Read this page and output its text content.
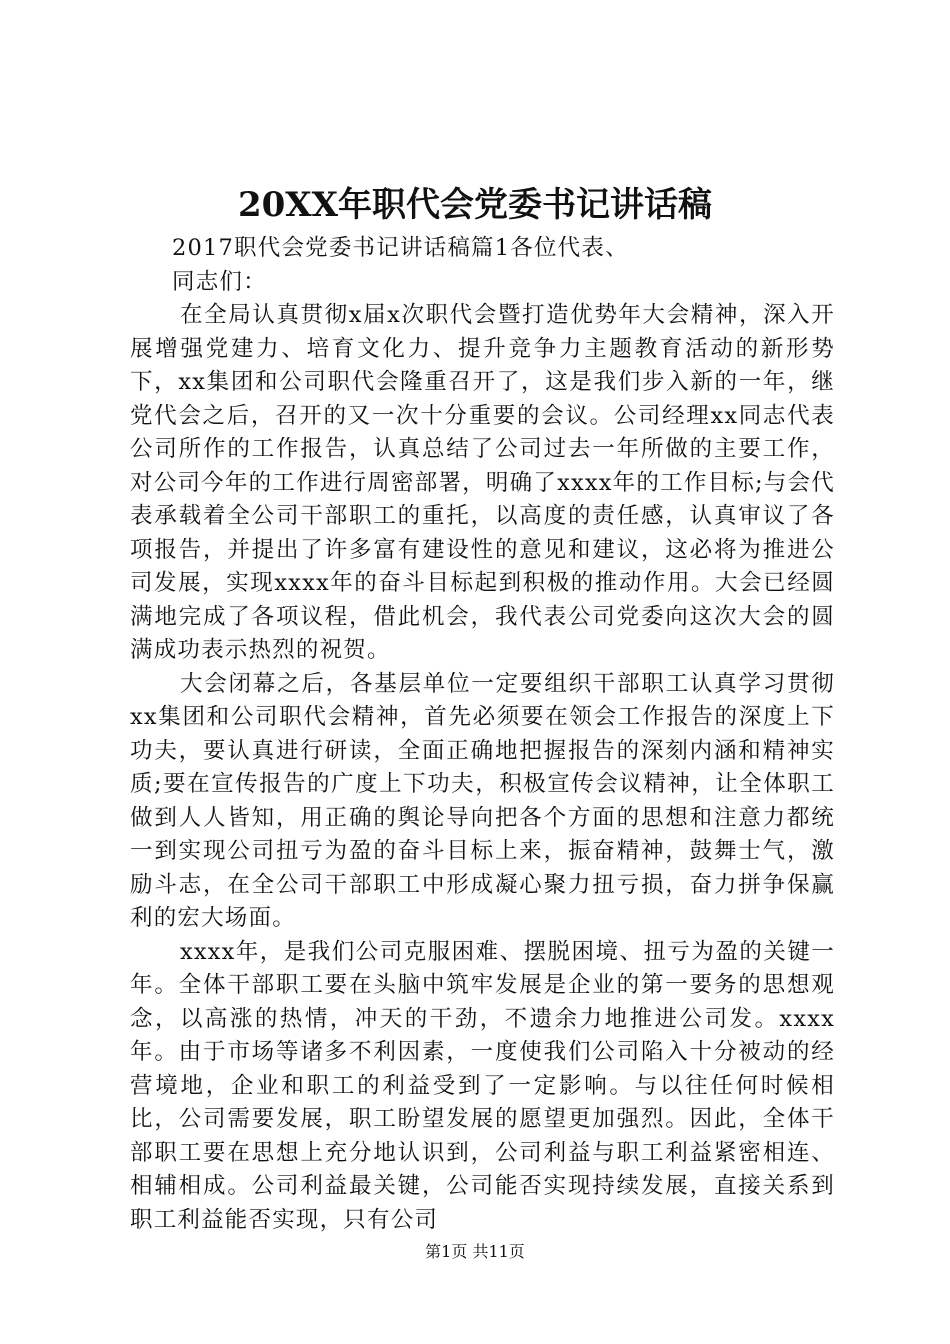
20XX年职代会党委书记讲话稿

2017职代会党委书记讲话稿篇1各位代表、

同志们：

在全局认真贯彻x届x次职代会暨打造优势年大会精神，深入开展增强党建力、培育文化力、提升竞争力主题教育活动的新形势下，xx集团和公司职代会隆重召开了，这是我们步入新的一年，继党代会之后，召开的又一次十分重要的会议。公司经理xx同志代表公司所作的工作报告，认真总结了公司过去一年所做的主要工作，对公司今年的工作进行周密部署，明确了xxxx年的工作目标;与会代表承载着全公司干部职工的重托，以高度的责任感，认真审议了各项报告，并提出了许多富有建设性的意见和建议，这必将为推进公司发展，实现xxxx年的奋斗目标起到积极的推动作用。大会已经圆满地完成了各项议程，借此机会，我代表公司党委向这次大会的圆满成功表示热烈的祝贺。

大会闭幕之后，各基层单位一定要组织干部职工认真学习贯彻xx集团和公司职代会精神，首先必须要在领会工作报告的深度上下功夫，要认真进行研读，全面正确地把握报告的深刻内涵和精神实质;要在宣传报告的广度上下功夫，积极宣传会议精神，让全体职工做到人人皆知，用正确的舆论导向把各个方面的思想和注意力都统一到实现公司扭亏为盈的奋斗目标上来，振奋精神，鼓舞士气，激励斗志，在全公司干部职工中形成凝心聚力扭亏损，奋力拼争保赢利的宏大场面。

xxxx年，是我们公司克服困难、摆脱困境、扭亏为盈的关键一年。全体干部职工要在头脑中筑牢发展是企业的第一要务的思想观念，以高涨的热情，冲天的干劲，不遗余力地推进公司发。xxxx年。由于市场等诸多不利因素，一度使我们公司陷入十分被动的经营境地，企业和职工的利益受到了一定影响。与以往任何时候相比，公司需要发展，职工盼望发展的愿望更加强烈。因此，全体干部职工要在思想上充分地认识到，公司利益与职工利益紧密相连、相辅相成。公司利益最关键，公司能否实现持续发展，直接关系到职工利益能否实现，只有公司

第1页 共11页
